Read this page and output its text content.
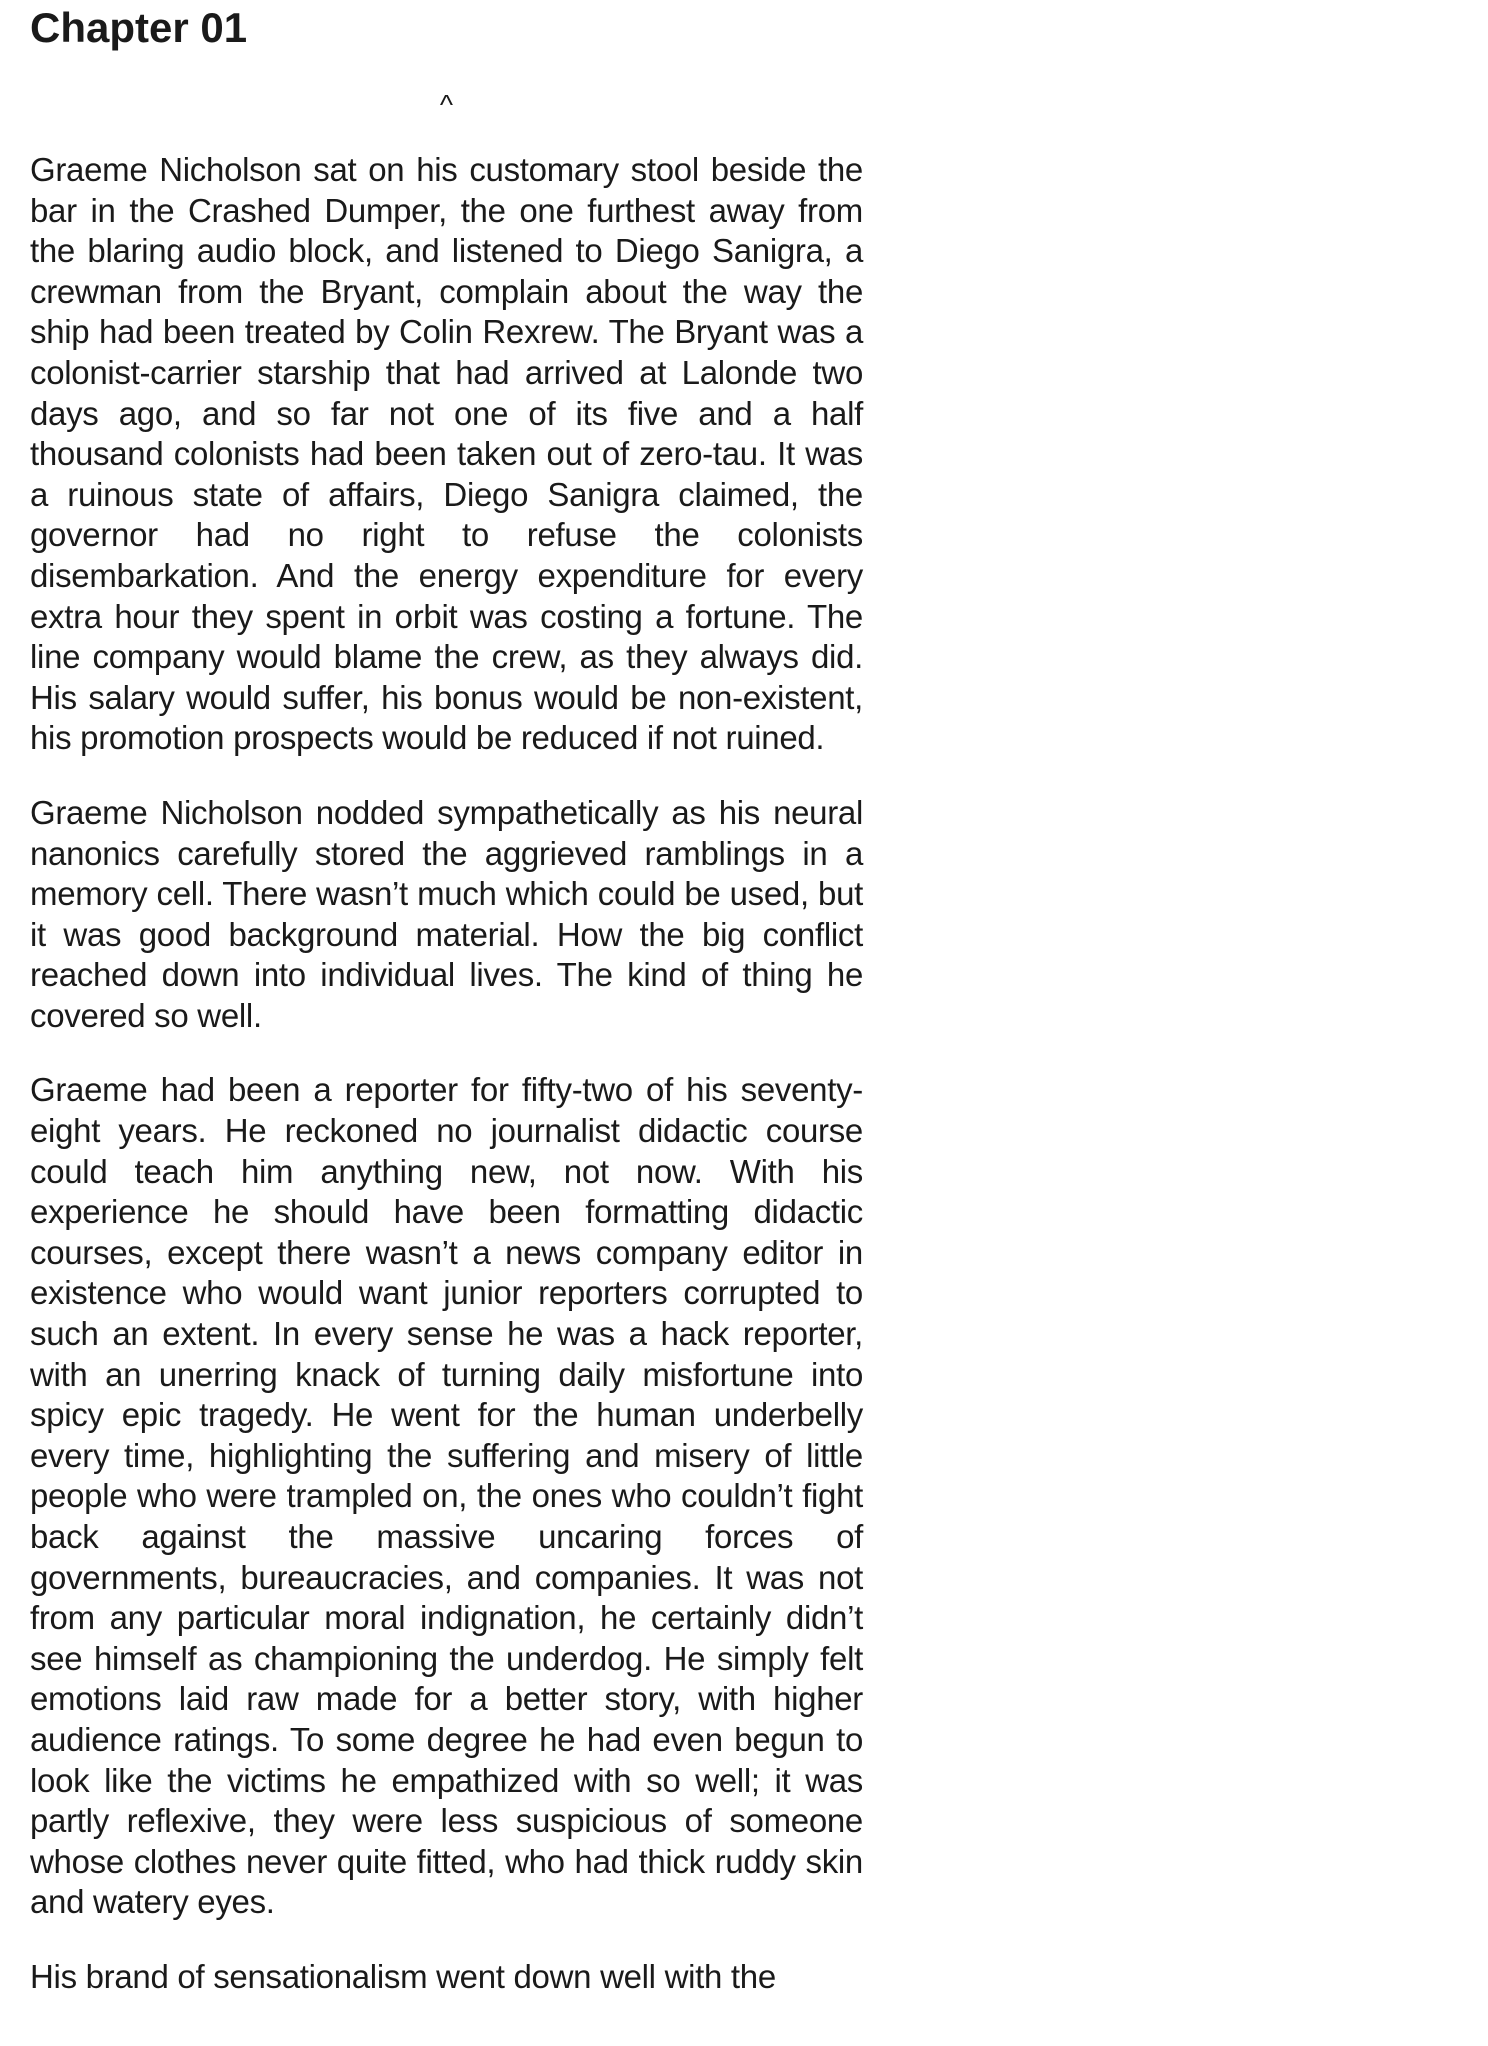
Chapter 01
^

Graeme Nicholson sat on his customary stool beside the bar in the Crashed Dumper, the one furthest away from the blaring audio block, and listened to Diego Sanigra, a crewman from the Bryant, complain about the way the ship had been treated by Colin Rexrew. The Bryant was a colonist-carrier starship that had arrived at Lalonde two days ago, and so far not one of its five and a half thousand colonists had been taken out of zero-tau. It was a ruinous state of affairs, Diego Sanigra claimed, the governor had no right to refuse the colonists disembarkation. And the energy expenditure for every extra hour they spent in orbit was costing a fortune. The line company would blame the crew, as they always did. His salary would suffer, his bonus would be non-existent, his promotion prospects would be reduced if not ruined.

Graeme Nicholson nodded sympathetically as his neural nanonics carefully stored the aggrieved ramblings in a memory cell. There wasn’t much which could be used, but it was good background material. How the big conflict reached down into individual lives. The kind of thing he covered so well.

Graeme had been a reporter for fifty-two of his seventy-eight years. He reckoned no journalist didactic course could teach him anything new, not now. With his experience he should have been formatting didactic courses, except there wasn’t a news company editor in existence who would want junior reporters corrupted to such an extent. In every sense he was a hack reporter, with an unerring knack of turning daily misfortune into spicy epic tragedy. He went for the human underbelly every time, highlighting the suffering and misery of little people who were trampled on, the ones who couldn’t fight back against the massive uncaring forces of governments, bureaucracies, and companies. It was not from any particular moral indignation, he certainly didn’t see himself as championing the underdog. He simply felt emotions laid raw made for a better story, with higher audience ratings. To some degree he had even begun to look like the victims he empathized with so well; it was partly reflexive, they were less suspicious of someone whose clothes never quite fitted, who had thick ruddy skin and watery eyes.

His brand of sensationalism went down well with the
